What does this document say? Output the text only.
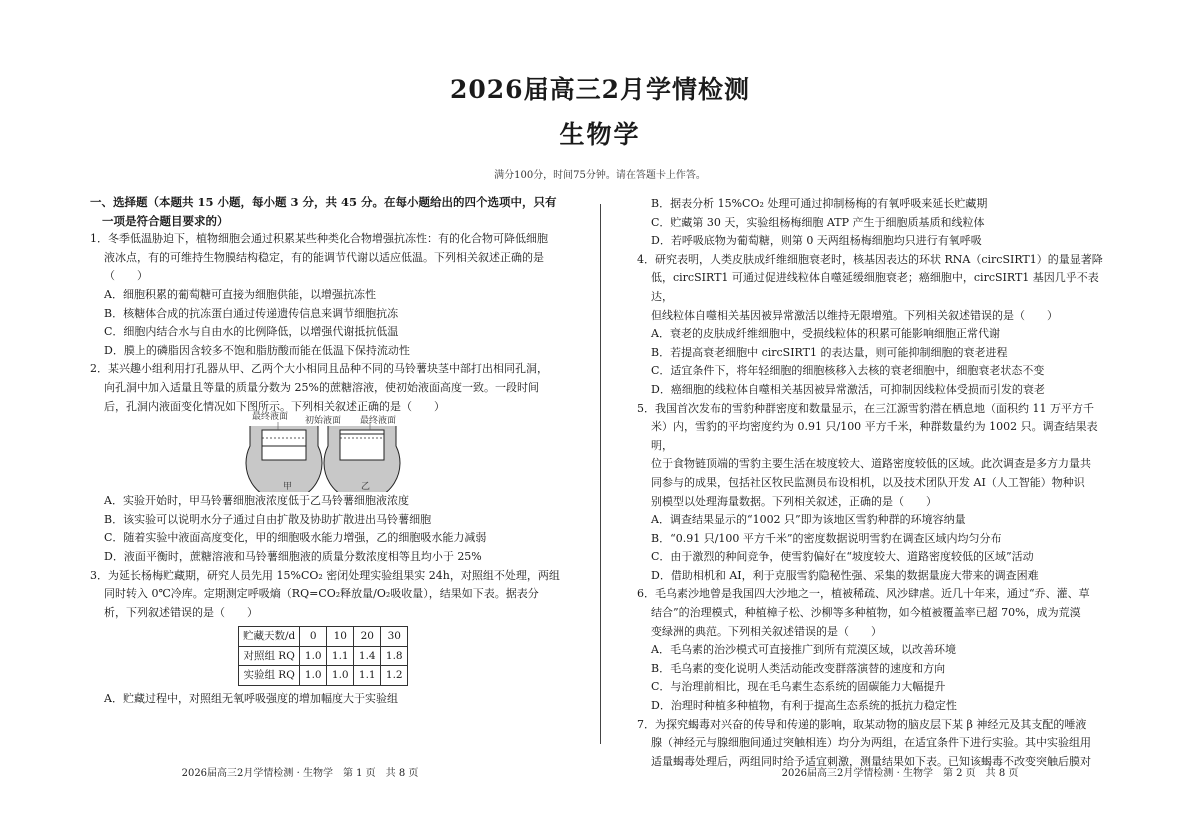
2026届高三2月学情检测
生物学
满分100分，时间75分钟。请在答题卡上作答。
一、选择题（本题共 15 小题，每小题 3 分，共 45 分。在每小题给出的四个选项中，只有
一项是符合题目要求的）
1．冬季低温胁迫下，植物细胞会通过积累某些种类化合物增强抗冻性：有的化合物可降低细胞
液冰点，有的可维持生物膜结构稳定，有的能调节代谢以适应低温。下列相关叙述正确的是
（　　）
A．细胞积累的葡萄糖可直接为细胞供能，以增强抗冻性
B．核糖体合成的抗冻蛋白通过传递遗传信息来调节细胞抗冻
C．细胞内结合水与自由水的比例降低，以增强代谢抵抗低温
D．膜上的磷脂因含较多不饱和脂肪酸而能在低温下保持流动性
2．某兴趣小组利用打孔器从甲、乙两个大小相同且品种不同的马铃薯块茎中部打出相同孔洞，
向孔洞中加入适量且等量的质量分数为 25%的蔗糖溶液，使初始液面高度一致。一段时间
后，孔洞内液面变化情况如下图所示。下列相关叙述正确的是（　　）
最终液面 初始液面 最终液面
甲	乙
A．实验开始时，甲马铃薯细胞液浓度低于乙马铃薯细胞液浓度
B．该实验可以说明水分子通过自由扩散及协助扩散进出马铃薯细胞
C．随着实验中液面高度变化，甲的细胞吸水能力增强，乙的细胞吸水能力减弱
D．液面平衡时，蔗糖溶液和马铃薯细胞液的质量分数浓度相等且均小于 25%
3．为延长杨梅贮藏期，研究人员先用 15%CO₂ 密闭处理实验组果实 24h，对照组不处理，两组
同时转入 0℃冷库。定期测定呼吸熵（RQ=CO₂释放量/O₂吸收量），结果如下表。据表分
析，下列叙述错误的是（　　）
贮藏天数/d	0	10	20	30
对照组 RQ	1.0	1.1	1.4	1.8
实验组 RQ	1.0	1.0	1.1	1.2
A．贮藏过程中，对照组无氧呼吸强度的增加幅度大于实验组
B．据表分析 15%CO₂ 处理可通过抑制杨梅的有氧呼吸来延长贮藏期
C．贮藏第 30 天，实验组杨梅细胞 ATP 产生于细胞质基质和线粒体
D．若呼吸底物为葡萄糖，则第 0 天两组杨梅细胞均只进行有氧呼吸
4．研究表明，人类皮肤成纤维细胞衰老时，核基因表达的环状 RNA（circSIRT1）的量显著降
低，circSIRT1 可通过促进线粒体自噬延缓细胞衰老；癌细胞中，circSIRT1 基因几乎不表达，
但线粒体自噬相关基因被异常激活以维持无限增殖。下列相关叙述错误的是（　　）
A．衰老的皮肤成纤维细胞中，受损线粒体的积累可能影响细胞正常代谢
B．若提高衰老细胞中 circSIRT1 的表达量，则可能抑制细胞的衰老进程
C．适宜条件下，将年轻细胞的细胞核移入去核的衰老细胞中，细胞衰老状态不变
D．癌细胞的线粒体自噬相关基因被异常激活，可抑制因线粒体受损而引发的衰老
5．我国首次发布的雪豹种群密度和数量显示，在三江源雪豹潜在栖息地（面积约 11 万平方千
米）内，雪豹的平均密度约为 0.91 只/100 平方千米，种群数量约为 1002 只。调查结果表明，
位于食物链顶端的雪豹主要生活在坡度较大、道路密度较低的区域。此次调查是多方力量共
同参与的成果，包括社区牧民监测员布设相机，以及技术团队开发 AI（人工智能）物种识
别模型以处理海量数据。下列相关叙述，正确的是（　　）
A．调查结果显示的“1002 只”即为该地区雪豹种群的环境容纳量
B．“0.91 只/100 平方千米”的密度数据说明雪豹在调查区域内均匀分布
C．由于激烈的种间竞争，使雪豹偏好在“坡度较大、道路密度较低的区域”活动
D．借助相机和 AI，利于克服雪豹隐秘性强、采集的数据量庞大带来的调查困难
6．毛乌素沙地曾是我国四大沙地之一，植被稀疏、风沙肆虐。近几十年来，通过“乔、灌、草
结合”的治理模式，种植樟子松、沙柳等多种植物，如今植被覆盖率已超 70%，成为荒漠
变绿洲的典范。下列相关叙述错误的是（　　）
A．毛乌素的治沙模式可直接推广到所有荒漠区域，以改善环境
B．毛乌素的变化说明人类活动能改变群落演替的速度和方向
C．与治理前相比，现在毛乌素生态系统的固碳能力大幅提升
D．治理时种植多种植物，有利于提高生态系统的抵抗力稳定性
7．为探究蝎毒对兴奋的传导和传递的影响，取某动物的脑皮层下某 β 神经元及其支配的唾液
腺（神经元与腺细胞间通过突触相连）均分为两组，在适宜条件下进行实验。其中实验组用
适量蝎毒处理后，两组同时给予适宜刺激，测量结果如下表。已知该蝎毒不改变突触后膜对
2026届高三2月学情检测 · 生物学　第 1 页　共 8 页	2026届高三2月学情检测 · 生物学　第 2 页　共 8 页
